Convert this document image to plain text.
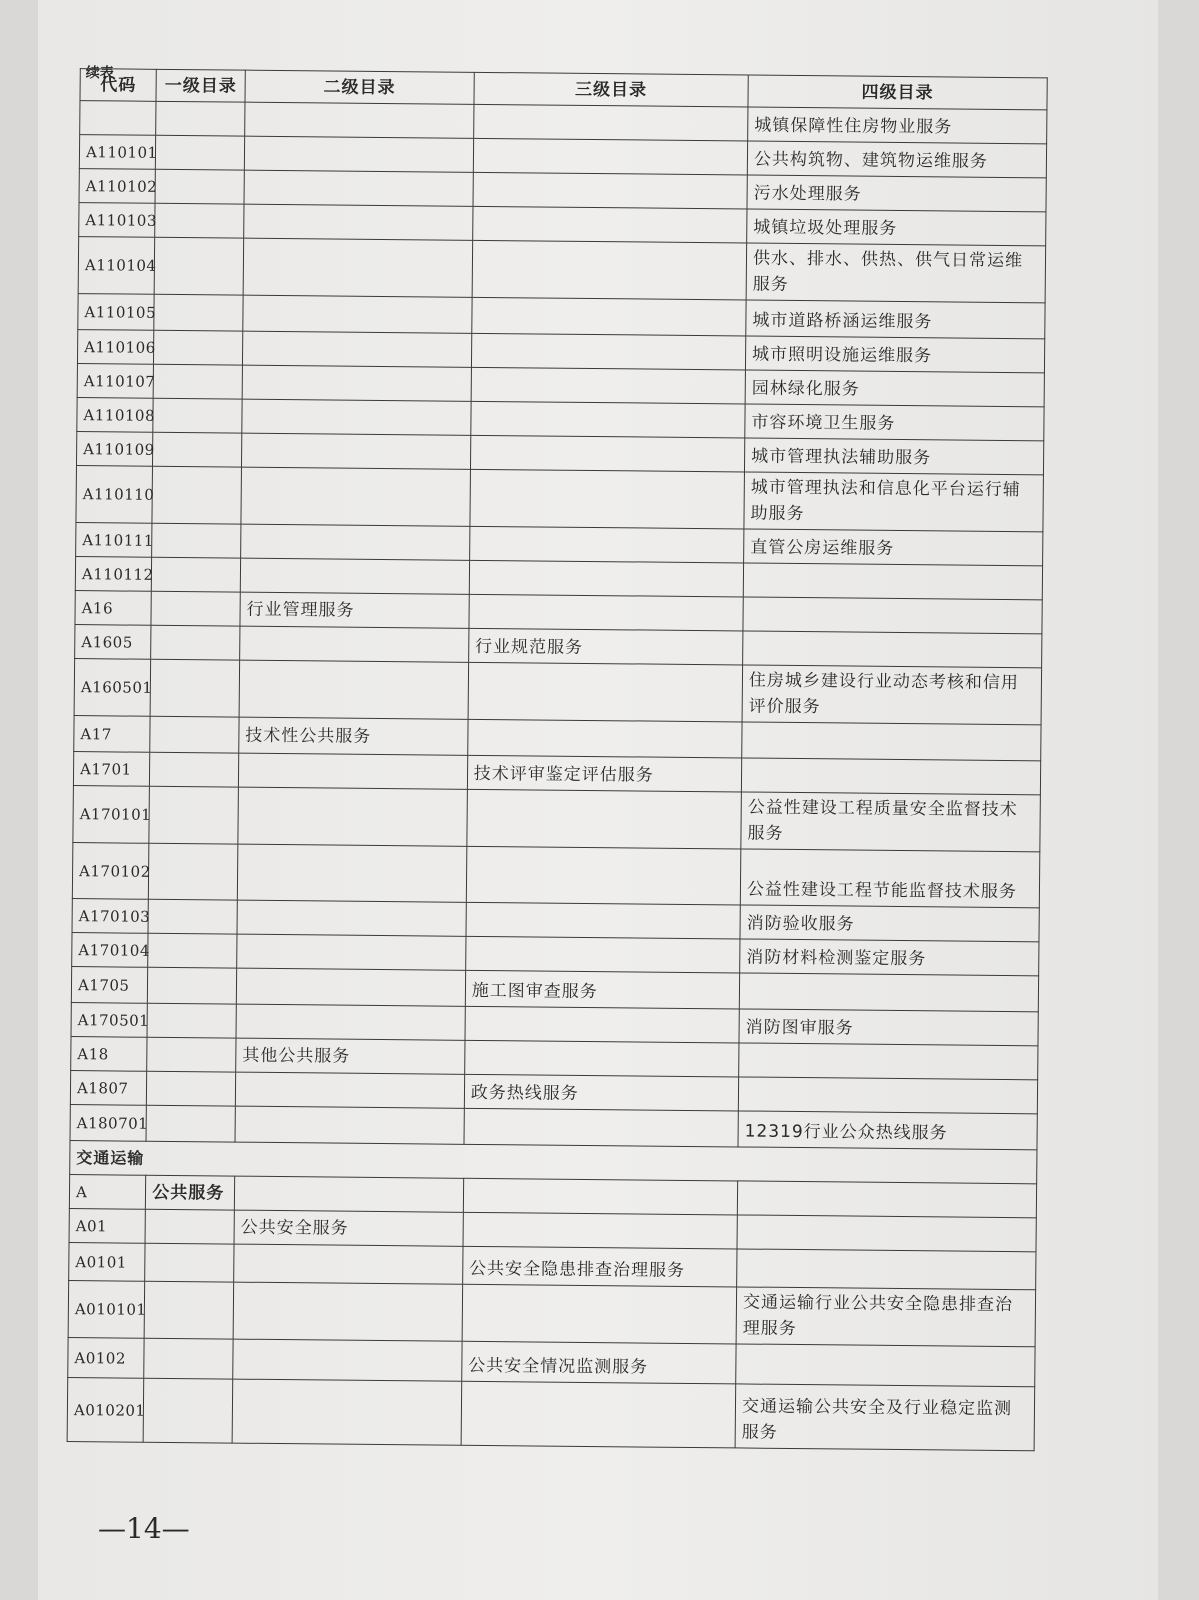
续表
代码	一级目录	二级目录	三级目录	四级目录
				城镇保障性住房物业服务
A110101				公共构筑物、建筑物运维服务
A110102				污水处理服务
A110103				城镇垃圾处理服务
A110104				供水、排水、供热、供气日常运维服务
A110105				城市道路桥涵运维服务
A110106				城市照明设施运维服务
A110107				园林绿化服务
A110108				市容环境卫生服务
A110109				城市管理执法辅助服务
A110110				城市管理执法和信息化平台运行辅助服务
A110111				直管公房运维服务
A110112				
A16		行业管理服务		
A1605			行业规范服务	
A160501				住房城乡建设行业动态考核和信用评价服务
A17		技术性公共服务		
A1701			技术评审鉴定评估服务	
A170101				公益性建设工程质量安全监督技术服务
A170102				公益性建设工程节能监督技术服务
A170103				消防验收服务
A170104				消防材料检测鉴定服务
A1705			施工图审查服务	
A170501				消防图审服务
A18		其他公共服务		
A1807			政务热线服务	
A180701				12319行业公众热线服务
交通运输				
A	公共服务			
A01		公共安全服务		
A0101			公共安全隐患排查治理服务	
A010101				交通运输行业公共安全隐患排查治理服务
A0102			公共安全情况监测服务	
A010201				交通运输公共安全及行业稳定监测服务
—14—
